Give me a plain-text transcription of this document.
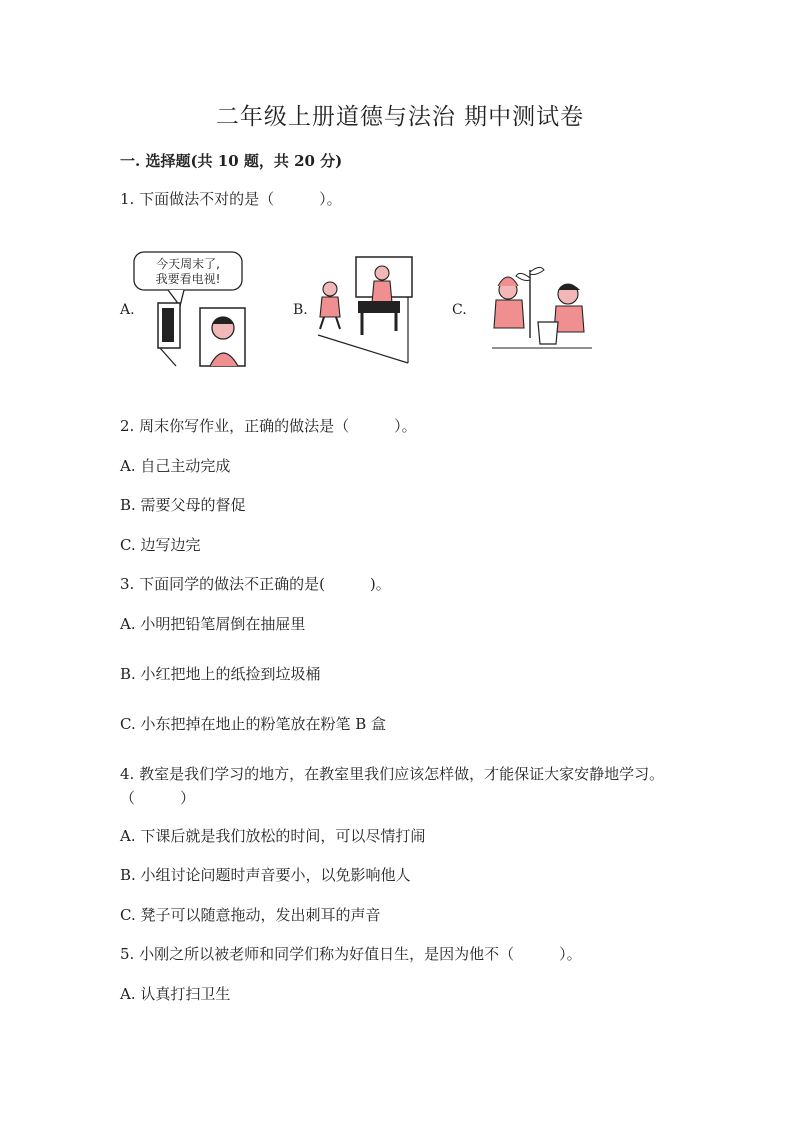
二年级上册道德与法治 期中测试卷
一. 选择题(共 10 题，共 20 分)
1. 下面做法不对的是（　　　）。
A.
今天周末了,
我要看电视!
B.	C.
2. 周末你写作业，正确的做法是（　　　）。
A. 自己主动完成
B. 需要父母的督促
C. 边写边完
3. 下面同学的做法不正确的是(　　　)。
A. 小明把铅笔屑倒在抽屉里
B. 小红把地上的纸捡到垃圾桶
C. 小东把掉在地止的粉笔放在粉笔 B 盒
4. 教室是我们学习的地方，在教室里我们应该怎样做，才能保证大家安静地学习。（　　　）
A. 下课后就是我们放松的时间，可以尽情打闹
B. 小组讨论问题时声音要小，以免影响他人
C. 凳子可以随意拖动，发出刺耳的声音
5. 小刚之所以被老师和同学们称为好值日生，是因为他不（　　　）。
A. 认真打扫卫生
